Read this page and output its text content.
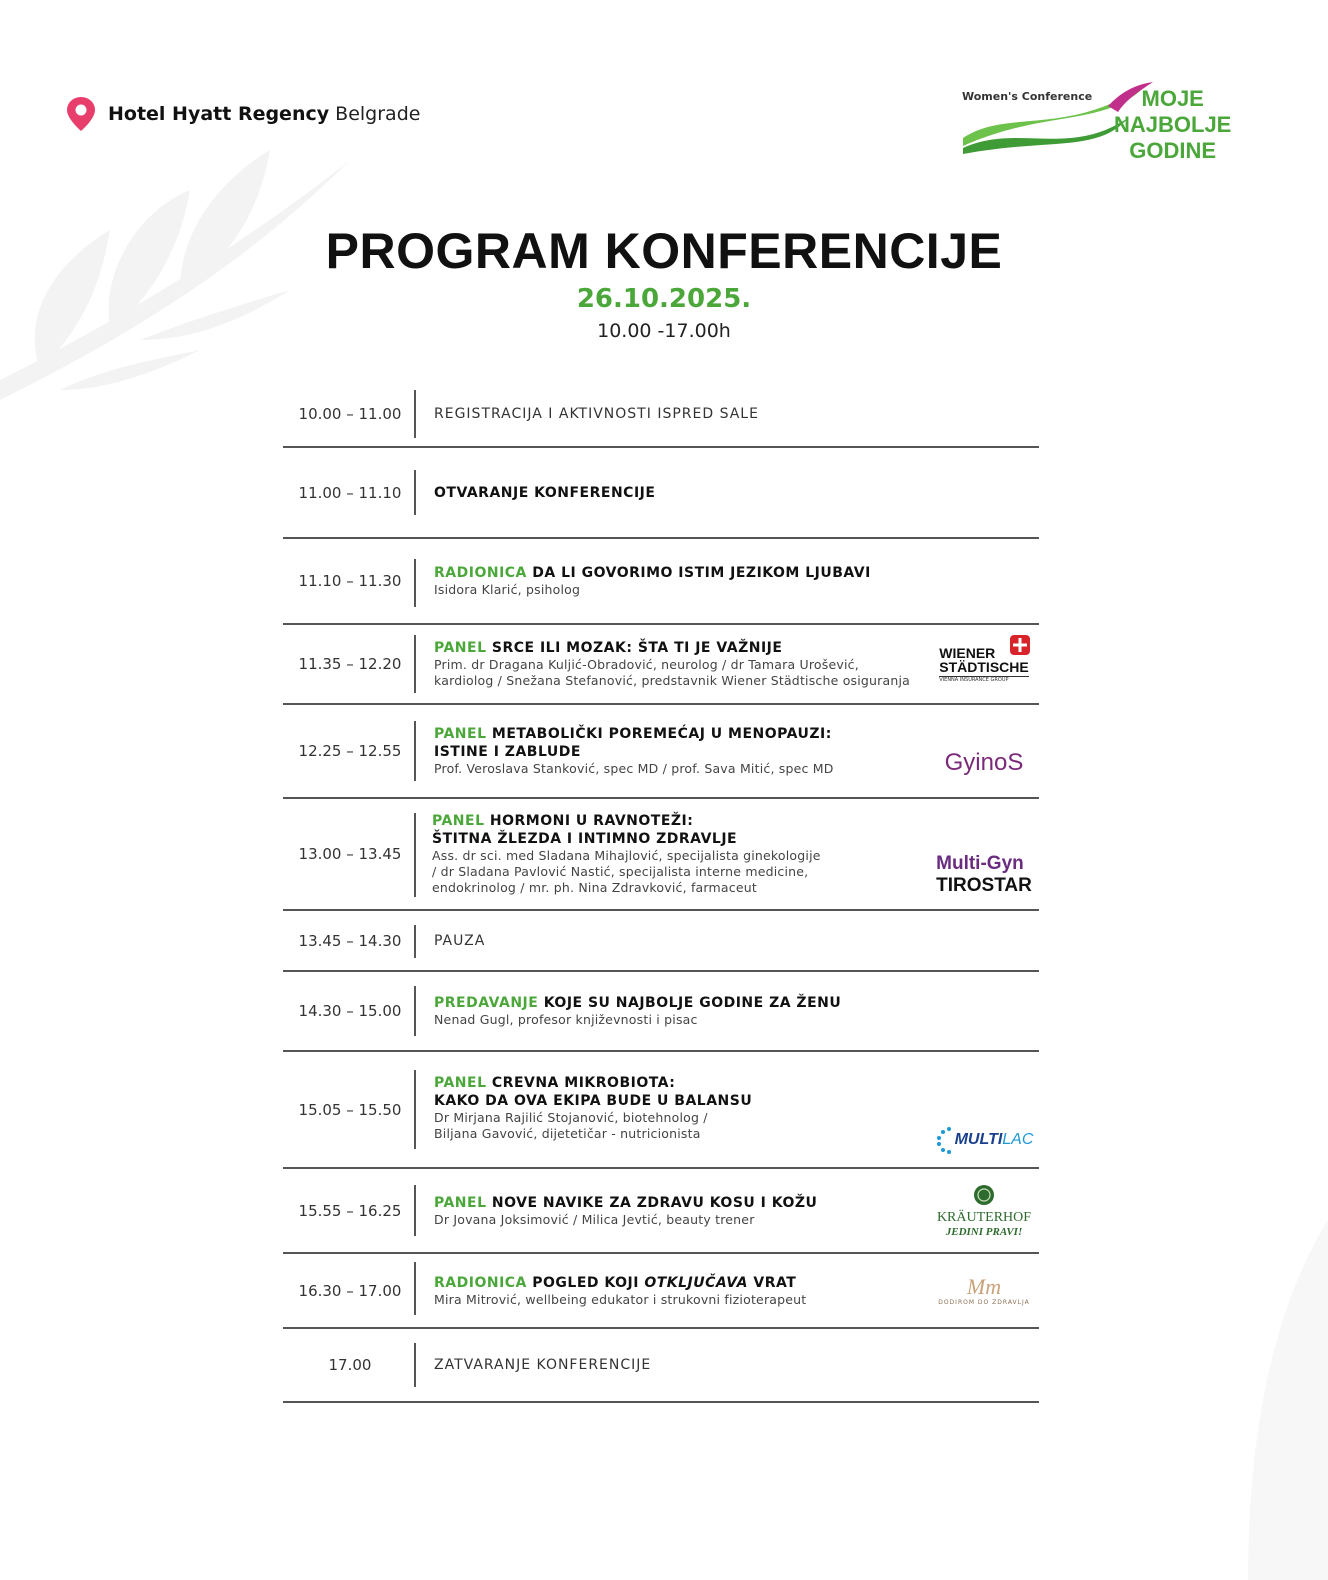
Hotel Hyatt Regency Belgrade
Women's Conference	MOJE
NAJBOLJE
GODINE
PROGRAM KONFERENCIJE
26.10.2025.
10.00 -17.00h
10.00 – 11.00	REGISTRACIJA I AKTIVNOSTI ISPRED SALE
11.00 – 11.10	OTVARANJE KONFERENCIJE
11.10 – 11.30	RADIONICA DA LI GOVORIMO ISTIM JEZIKOM LJUBAVI
Isidora Klarić, psiholog
11.35 – 12.20
PANEL SRCE ILI MOZAK: ŠTA TI JE VAŽNIJE
Prim. dr Dragana Kuljić-Obradović, neurolog / dr Tamara Urošević,
kardiolog / Snežana Stefanović, predstavnik Wiener Städtische osiguranja
WIENER
STÄDTISCHE
VIENNA INSURANCE GROUP
12.25 – 12.55
PANEL METABOLIČKI POREMEĆAJ U MENOPAUZI:
ISTINE I ZABLUDE
Prof. Veroslava Stanković, spec MD / prof. Sava Mitić, spec MD	GyinoS
13.00 – 13.45
PANEL HORMONI U RAVNOTEŽI:
ŠTITNA ŽLEZDA I INTIMNO ZDRAVLJE
Ass. dr sci. med Sladana Mihajlović, specijalista ginekologije
/ dr Sladana Pavlović Nastić, specijalista interne medicine,
endokrinolog / mr. ph. Nina Zdravković, farmaceut
Multi-Gyn
TIROSTAR
13.45 – 14.30	PAUZA
14.30 – 15.00	PREDAVANJE KOJE SU NAJBOLJE GODINE ZA ŽENU
Nenad Gugl, profesor književnosti i pisac
15.05 – 15.50
PANEL CREVNA MIKROBIOTA:
KAKO DA OVA EKIPA BUDE U BALANSU
Dr Mirjana Rajilić Stojanović, biotehnolog /
Biljana Gavović, dijetetičar - nutricionista	MULTI LAC
15.55 – 16.25	PANEL NOVE NAVIKE ZA ZDRAVU KOSU I KOŽU
Dr Jovana Joksimović / Milica Jevtić, beauty trener	KRÄUTERHOF
JEDINI PRAVI!
16.30 – 17.00	RADIONICA POGLED KOJI OTKLJUČAVA VRAT
Mira Mitrović, wellbeing edukator i strukovni fizioterapeut
Mm
DODIROM DO ZDRAVLJA
17.00	ZATVARANJE KONFERENCIJE
